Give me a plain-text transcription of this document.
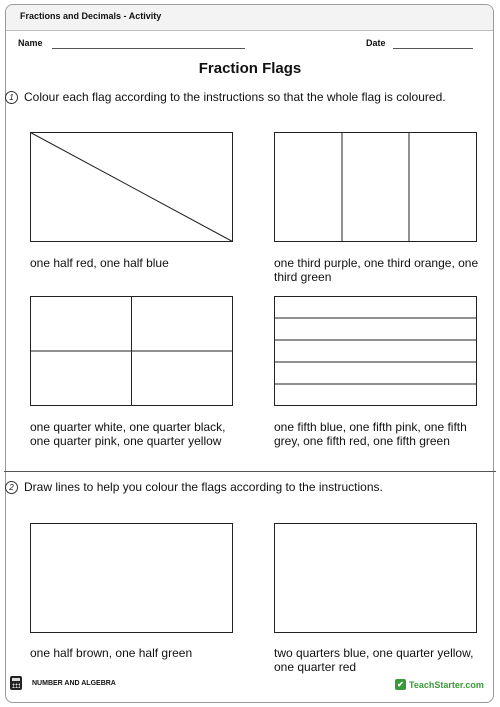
Fractions and Decimals - Activity
Name	Date
Fraction Flags
1 Colour each flag according to the instructions so that the whole flag is coloured.
one half red, one half blue	one third purple, one third orange, one third green
one quarter white, one quarter black, one quarter pink, one quarter yellow
one fifth blue, one fifth pink, one fifth grey, one fifth red, one fifth green
2 Draw lines to help you colour the flags according to the instructions.
one half brown, one half green	two quarters blue, one quarter yellow, one quarter red
NUMBER AND ALGEBRA	✔ TeachStarter.com
